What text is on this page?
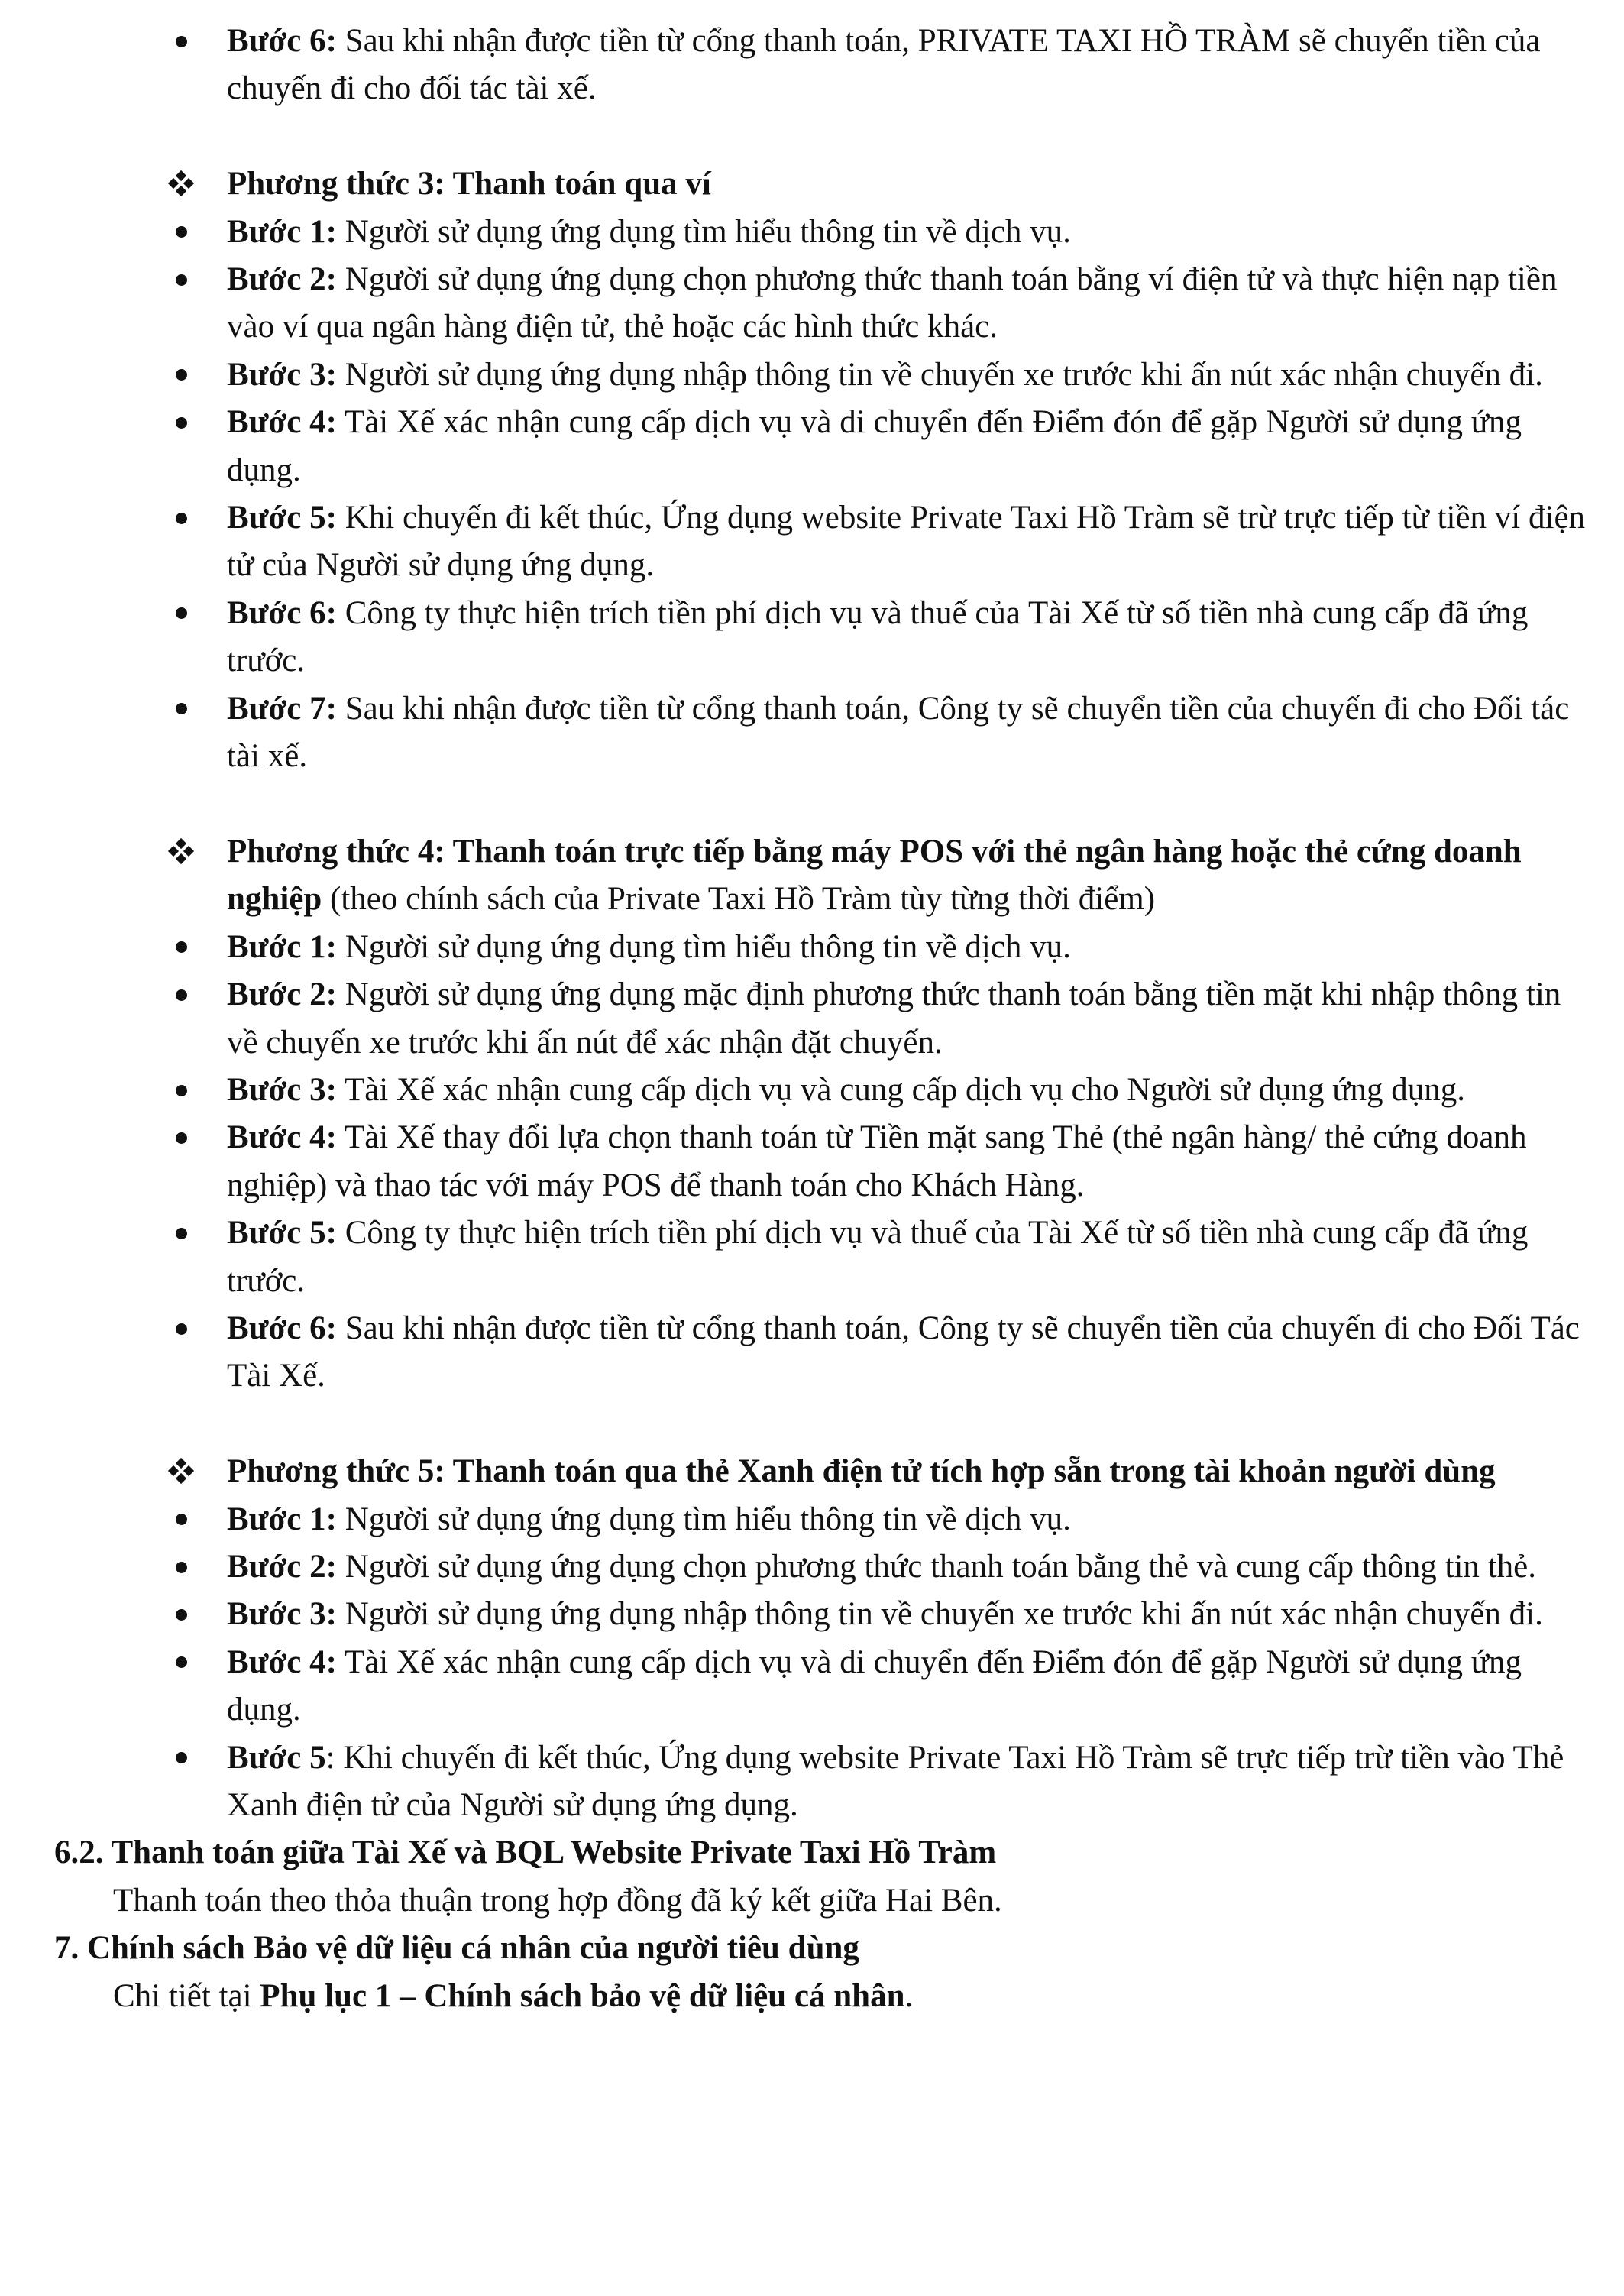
Bước 6: Sau khi nhận được tiền từ cổng thanh toán, PRIVATE TAXI HỒ TRÀM sẽ chuyển tiền của chuyến đi cho đối tác tài xế.
Phương thức 3: Thanh toán qua ví
Bước 1: Người sử dụng ứng dụng tìm hiểu thông tin về dịch vụ.
Bước 2: Người sử dụng ứng dụng chọn phương thức thanh toán bằng ví điện tử và thực hiện nạp tiền vào ví qua ngân hàng điện tử, thẻ hoặc các hình thức khác.
Bước 3: Người sử dụng ứng dụng nhập thông tin về chuyến xe trước khi ấn nút xác nhận chuyến đi.
Bước 4: Tài Xế xác nhận cung cấp dịch vụ và di chuyển đến Điểm đón để gặp Người sử dụng ứng dụng.
Bước 5: Khi chuyến đi kết thúc, Ứng dụng website Private Taxi Hồ Tràm sẽ trừ trực tiếp từ tiền ví điện tử của Người sử dụng ứng dụng.
Bước 6: Công ty thực hiện trích tiền phí dịch vụ và thuế của Tài Xế từ số tiền nhà cung cấp đã ứng trước.
Bước 7: Sau khi nhận được tiền từ cổng thanh toán, Công ty sẽ chuyển tiền của chuyến đi cho Đối tác tài xế.
Phương thức 4: Thanh toán trực tiếp bằng máy POS với thẻ ngân hàng hoặc thẻ cứng doanh nghiệp (theo chính sách của Private Taxi Hồ Tràm tùy từng thời điểm)
Bước 1: Người sử dụng ứng dụng tìm hiểu thông tin về dịch vụ.
Bước 2: Người sử dụng ứng dụng mặc định phương thức thanh toán bằng tiền mặt khi nhập thông tin về chuyến xe trước khi ấn nút để xác nhận đặt chuyến.
Bước 3: Tài Xế xác nhận cung cấp dịch vụ và cung cấp dịch vụ cho Người sử dụng ứng dụng.
Bước 4: Tài Xế thay đổi lựa chọn thanh toán từ Tiền mặt sang Thẻ (thẻ ngân hàng/ thẻ cứng doanh nghiệp) và thao tác với máy POS để thanh toán cho Khách Hàng.
Bước 5: Công ty thực hiện trích tiền phí dịch vụ và thuế của Tài Xế từ số tiền nhà cung cấp đã ứng trước.
Bước 6: Sau khi nhận được tiền từ cổng thanh toán, Công ty sẽ chuyển tiền của chuyến đi cho Đối Tác Tài Xế.
Phương thức 5: Thanh toán qua thẻ Xanh điện tử tích hợp sẵn trong tài khoản người dùng
Bước 1: Người sử dụng ứng dụng tìm hiểu thông tin về dịch vụ.
Bước 2: Người sử dụng ứng dụng chọn phương thức thanh toán bằng thẻ và cung cấp thông tin thẻ.
Bước 3: Người sử dụng ứng dụng nhập thông tin về chuyến xe trước khi ấn nút xác nhận chuyến đi.
Bước 4: Tài Xế xác nhận cung cấp dịch vụ và di chuyển đến Điểm đón để gặp Người sử dụng ứng dụng.
Bước 5: Khi chuyến đi kết thúc, Ứng dụng website Private Taxi Hồ Tràm sẽ trực tiếp trừ tiền vào Thẻ Xanh điện tử của Người sử dụng ứng dụng.
6.2. Thanh toán giữa Tài Xế và BQL Website Private Taxi Hồ Tràm
Thanh toán theo thỏa thuận trong hợp đồng đã ký kết giữa Hai Bên.
7. Chính sách Bảo vệ dữ liệu cá nhân của người tiêu dùng
Chi tiết tại Phụ lục 1 – Chính sách bảo vệ dữ liệu cá nhân.
